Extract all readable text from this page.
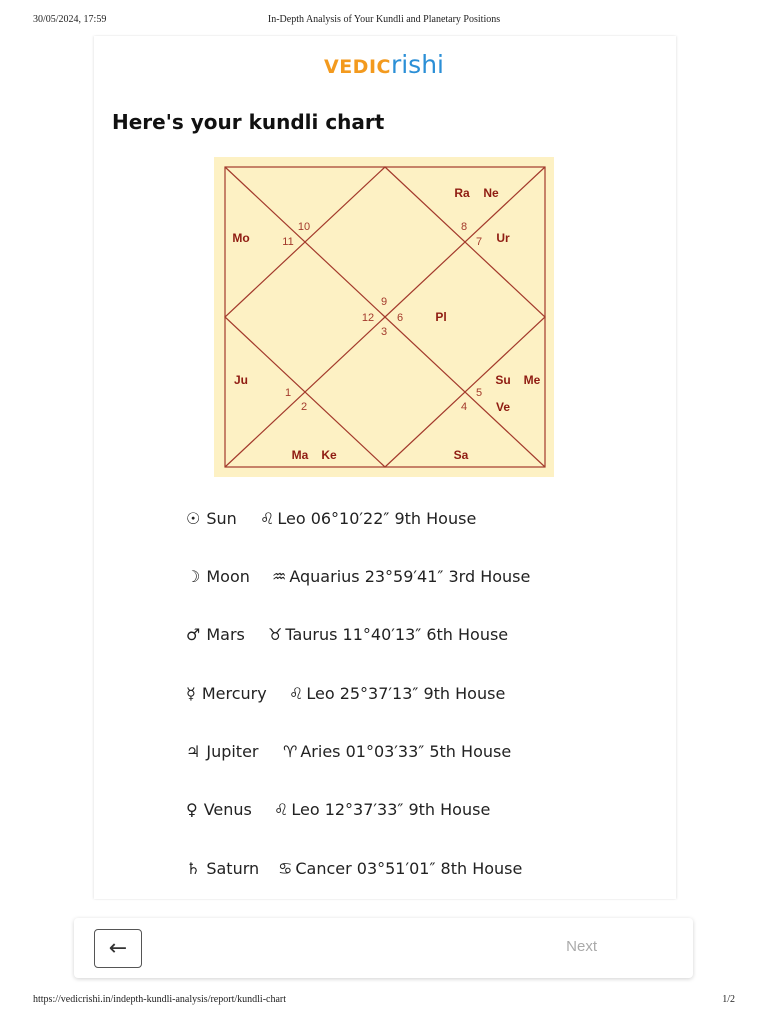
30/05/2024, 17:59	In-Depth Analysis of Your Kundli and Planetary Positions
VEDICrishi
Here's your kundli chart
10
11
8
7
9
12 6
3
1
2
5
4
Ra Ne
Mo	Ur
Pl
Ju	Su Me
Ve
Ma Ke	Sa
☉ Sun ♌ Leo 06°10′22″ 9th House
☽ Moon ♒ Aquarius 23°59′41″ 3rd House
♂ Mars ♉ Taurus 11°40′13″ 6th House
☿ Mercury ♌ Leo 25°37′13″ 9th House
♃ Jupiter ♈ Aries 01°03′33″ 5th House
♀ Venus ♌ Leo 12°37′33″ 9th House
♄ Saturn ♋ Cancer 03°51′01″ 8th House
←	Next
https://vedicrishi.in/indepth-kundli-analysis/report/kundli-chart	1/2
